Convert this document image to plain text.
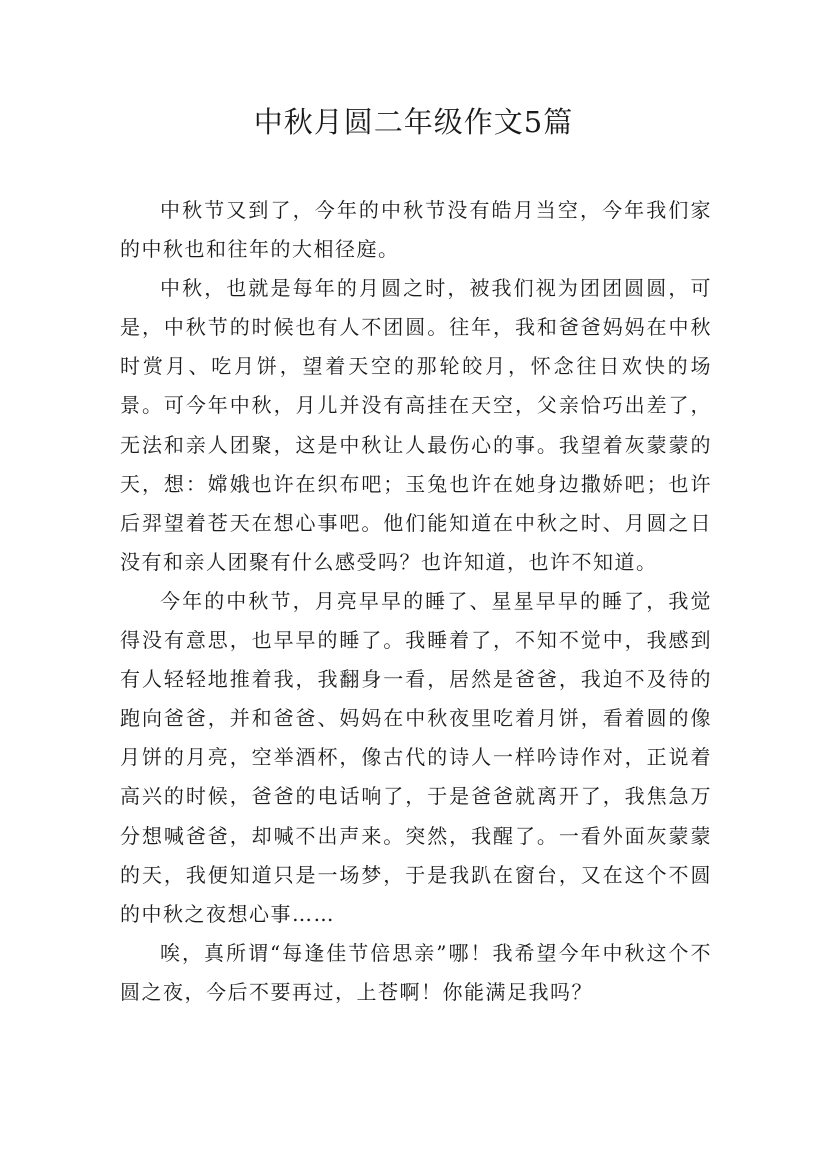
中秋月圆二年级作文5篇

中秋节又到了，今年的中秋节没有皓月当空，今年我们家的中秋也和往年的大相径庭。

中秋，也就是每年的月圆之时，被我们视为团团圆圆，可是，中秋节的时候也有人不团圆。往年，我和爸爸妈妈在中秋时赏月、吃月饼，望着天空的那轮皎月，怀念往日欢快的场景。可今年中秋，月儿并没有高挂在天空，父亲恰巧出差了，无法和亲人团聚，这是中秋让人最伤心的事。我望着灰蒙蒙的天，想：嫦娥也许在织布吧；玉兔也许在她身边撒娇吧；也许后羿望着苍天在想心事吧。他们能知道在中秋之时、月圆之日没有和亲人团聚有什么感受吗？也许知道，也许不知道。

今年的中秋节，月亮早早的睡了、星星早早的睡了，我觉得没有意思，也早早的睡了。我睡着了，不知不觉中，我感到有人轻轻地推着我，我翻身一看，居然是爸爸，我迫不及待的跑向爸爸，并和爸爸、妈妈在中秋夜里吃着月饼，看着圆的像月饼的月亮，空举酒杯，像古代的诗人一样吟诗作对，正说着高兴的时候，爸爸的电话响了，于是爸爸就离开了，我焦急万分想喊爸爸，却喊不出声来。突然，我醒了。一看外面灰蒙蒙的天，我便知道只是一场梦，于是我趴在窗台，又在这个不圆的中秋之夜想心事……

唉，真所谓“每逢佳节倍思亲”哪！我希望今年中秋这个不圆之夜，今后不要再过，上苍啊！你能满足我吗？
